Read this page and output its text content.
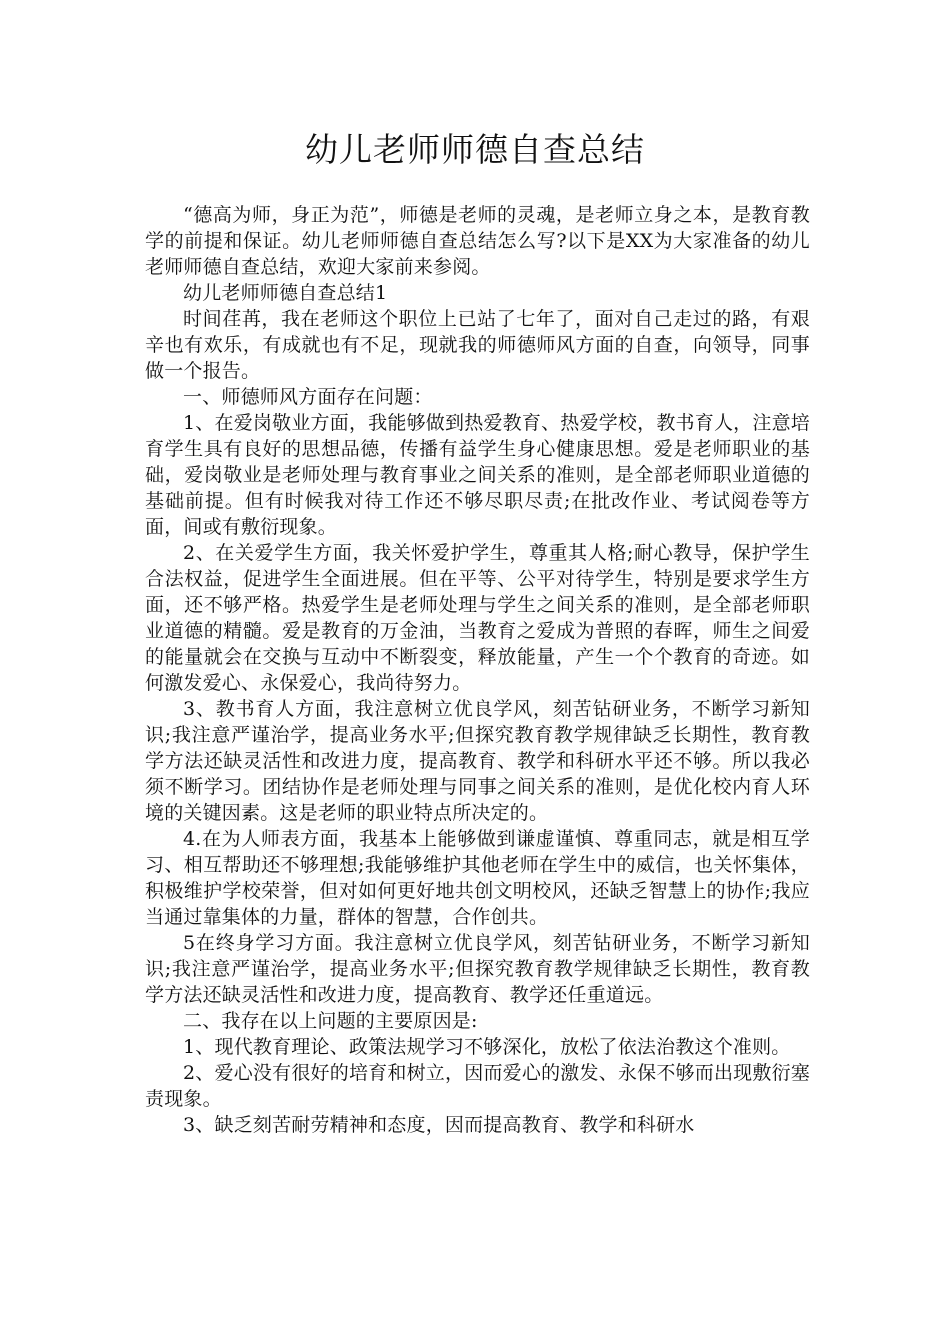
幼儿老师师德自查总结

“德高为师，身正为范”，师德是老师的灵魂，是老师立身之本，是教育教学的前提和保证。幼儿老师师德自查总结怎么写?以下是XX为大家准备的幼儿老师师德自查总结，欢迎大家前来参阅。

幼儿老师师德自查总结1

时间荏苒，我在老师这个职位上已站了七年了，面对自己走过的路，有艰辛也有欢乐，有成就也有不足，现就我的师德师风方面的自查，向领导，同事做一个报告。

一、师德师风方面存在问题：

1、在爱岗敬业方面，我能够做到热爱教育、热爱学校，教书育人，注意培育学生具有良好的思想品德，传播有益学生身心健康思想。爱是老师职业的基础，爱岗敬业是老师处理与教育事业之间关系的准则，是全部老师职业道德的基础前提。但有时候我对待工作还不够尽职尽责;在批改作业、考试阅卷等方面，间或有敷衍现象。

2、在关爱学生方面，我关怀爱护学生，尊重其人格;耐心教导，保护学生合法权益，促进学生全面进展。但在平等、公平对待学生，特别是要求学生方面，还不够严格。热爱学生是老师处理与学生之间关系的准则，是全部老师职业道德的精髓。爱是教育的万金油，当教育之爱成为普照的春晖，师生之间爱的能量就会在交换与互动中不断裂变，释放能量，产生一个个教育的奇迹。如何激发爱心、永保爱心，我尚待努力。

3、教书育人方面，我注意树立优良学风，刻苦钻研业务，不断学习新知识;我注意严谨治学，提高业务水平;但探究教育教学规律缺乏长期性，教育教学方法还缺灵活性和改进力度，提高教育、教学和科研水平还不够。所以我必须不断学习。团结协作是老师处理与同事之间关系的准则，是优化校内育人环境的关键因素。这是老师的职业特点所决定的。

4.在为人师表方面，我基本上能够做到谦虚谨慎、尊重同志，就是相互学习、相互帮助还不够理想;我能够维护其他老师在学生中的威信，也关怀集体，积极维护学校荣誉，但对如何更好地共创文明校风，还缺乏智慧上的协作;我应当通过靠集体的力量，群体的智慧，合作创共。

5在终身学习方面。我注意树立优良学风，刻苦钻研业务，不断学习新知识;我注意严谨治学，提高业务水平;但探究教育教学规律缺乏长期性，教育教学方法还缺灵活性和改进力度，提高教育、教学还任重道远。

二、我存在以上问题的主要原因是:

1、现代教育理论、政策法规学习不够深化，放松了依法治教这个准则。

2、爱心没有很好的培育和树立，因而爱心的激发、永保不够而出现敷衍塞责现象。

3、缺乏刻苦耐劳精神和态度，因而提高教育、教学和科研水
